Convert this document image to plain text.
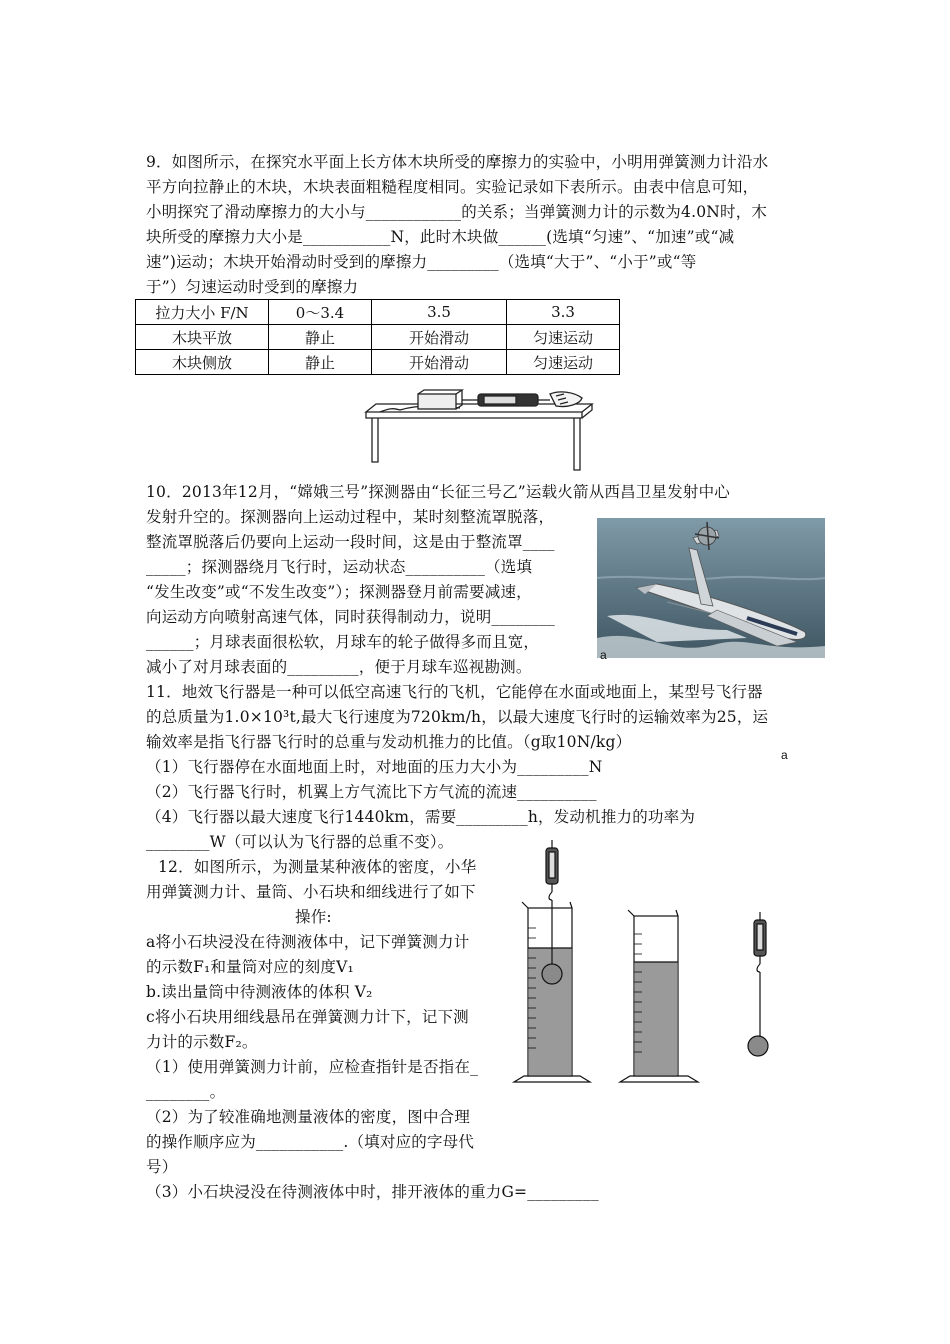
9．如图所示，在探究水平面上长方体木块所受的摩擦力的实验中，小明用弹簧测力计沿水
平方向拉静止的木块，木块表面粗糙程度相同。实验记录如下表所示。由表中信息可知，
小明探究了滑动摩擦力的大小与____________的关系；当弹簧测力计的示数为4.0N时，木
块所受的摩擦力大小是___________N，此时木块做______(选填“匀速”、“加速”或“减
速”)运动；木块开始滑动时受到的摩擦力_________（选填“大于”、“小于”或“等
于”）匀速运动时受到的摩擦力
拉力大小 F/N	0～3.4	3.5	3.3
木块平放	静止	开始滑动	匀速运动
木块侧放	静止	开始滑动	匀速运动
10．2013年12月，“嫦娥三号”探测器由“长征三号乙”运载火箭从西昌卫星发射中心
发射升空的。探测器向上运动过程中，某时刻整流罩脱落，
整流罩脱落后仍要向上运动一段时间，这是由于整流罩____
_____；探测器绕月飞行时，运动状态__________（选填
“发生改变”或“不发生改变”）；探测器登月前需要减速，
向运动方向喷射高速气体，同时获得制动力，说明________
______；月球表面很松软，月球车的轮子做得多而且宽，
减小了对月球表面的_________，便于月球车巡视勘测。
a
11．地效飞行器是一种可以低空高速飞行的飞机，它能停在水面或地面上，某型号飞行器
的总质量为1.0×10³t,最大飞行速度为720km/h，以最大速度飞行时的运输效率为25，运
输效率是指飞行器飞行时的总重与发动机推力的比值。（g取10N/kg）
a
（1）飞行器停在水面地面上时，对地面的压力大小为_________N
（2）飞行器飞行时，机翼上方气流比下方气流的流速__________
（4）飞行器以最大速度飞行1440km，需要_________h，发动机推力的功率为
________W（可以认为飞行器的总重不变）。
12．如图所示，为测量某种液体的密度，小华
用弹簧测力计、量筒、小石块和细线进行了如下
操作:
a将小石块浸没在待测液体中，记下弹簧测力计
的示数F₁和量筒对应的刻度V₁
b.读出量筒中待测液体的体积 V₂
c将小石块用细线悬吊在弹簧测力计下，记下测
力计的示数F₂。
（1）使用弹簧测力计前，应检查指针是否指在_
________。
（2）为了较准确地测量液体的密度，图中合理
的操作顺序应为___________.（填对应的字母代
号）
（3）小石块浸没在待测液体中时，排开液体的重力G=_________
